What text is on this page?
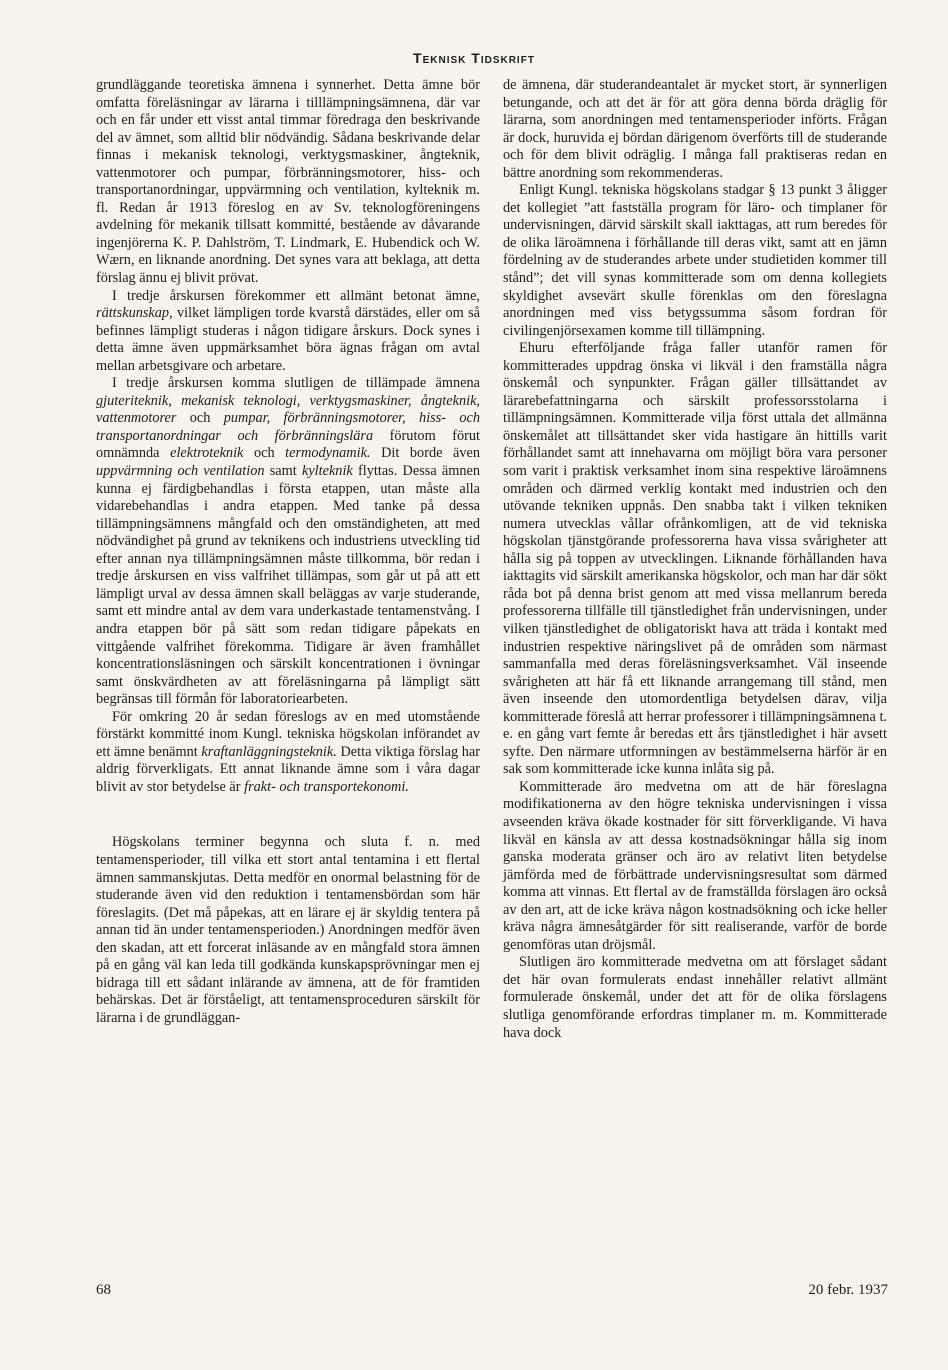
Teknisk Tidskrift

grundläggande teoretiska ämnena i synnerhet. Detta ämne bör omfatta föreläsningar av lärarna i tilllämpningsämnena, där var och en får under ett visst antal timmar föredraga den beskrivande del av ämnet, som alltid blir nödvändig. Sådana beskrivande delar finnas i mekanisk teknologi, verktygsmaskiner, ångteknik, vattenmotorer och pumpar, förbränningsmotorer, hiss- och transportanordningar, uppvärmning och ventilation, kylteknik m. fl. Redan år 1913 föreslog en av Sv. teknologföreningens avdelning för mekanik tillsatt kommitté, bestående av dåvarande ingenjörerna K. P. Dahlström, T. Lindmark, E. Hubendick och W. Wærn, en liknande anordning. Det synes vara att beklaga, att detta förslag ännu ej blivit prövat.

I tredje årskursen förekommer ett allmänt betonat ämne, rättskunskap, vilket lämpligen torde kvarstå därstädes, eller om så befinnes lämpligt studeras i någon tidigare årskurs. Dock synes i detta ämne även uppmärksamhet böra ägnas frågan om avtal mellan arbetsgivare och arbetare.

I tredje årskursen komma slutligen de tillämpade ämnena gjuteriteknik, mekanisk teknologi, verktygsmaskiner, ångteknik, vattenmotorer och pumpar, förbränningsmotorer, hiss- och transportanordningar och förbränningslära förutom förut omnämnda elektroteknik och termodynamik. Dit borde även uppvärmning och ventilation samt kylteknik flyttas. Dessa ämnen kunna ej färdigbehandlas i första etappen, utan måste alla vidarebehandlas i andra etappen. Med tanke på dessa tillämpningsämnens mångfald och den omständigheten, att med nödvändighet på grund av teknikens och industriens utveckling tid efter annan nya tillämpningsämnen måste tillkomma, bör redan i tredje årskursen en viss valfrihet tillämpas, som går ut på att ett lämpligt urval av dessa ämnen skall beläggas av varje studerande, samt ett mindre antal av dem vara underkastade tentamenstvång. I andra etappen bör på sätt som redan tidigare påpekats en vittgående valfrihet förekomma. Tidigare är även framhållet koncentrationsläsningen och särskilt koncentrationen i övningar samt önskvärdheten av att föreläsningarna på lämpligt sätt begränsas till förmån för laboratoriearbeten.

För omkring 20 år sedan föreslogs av en med utomstående förstärkt kommitté inom Kungl. tekniska högskolan införandet av ett ämne benämnt kraftanläggningsteknik. Detta viktiga förslag har aldrig förverkligats. Ett annat liknande ämne som i våra dagar blivit av stor betydelse är frakt- och transportekonomi.

Högskolans terminer begynna och sluta f. n. med tentamensperioder, till vilka ett stort antal tentamina i ett flertal ämnen sammanskjutas. Detta medför en onormal belastning för de studerande även vid den reduktion i tentamensbördan som här föreslagits. (Det må påpekas, att en lärare ej är skyldig tentera på annan tid än under tentamensperioden.) Anordningen medför även den skadan, att ett forcerat inläsande av en mångfald stora ämnen på en gång väl kan leda till godkända kunskapsprövningar men ej bidraga till ett sådant inlärande av ämnena, att de för framtiden behärskas. Det är förståeligt, att tentamensproceduren särskilt för lärarna i de grundläggan-

de ämnena, där studerandeantalet är mycket stort, är synnerligen betungande, och att det är för att göra denna börda dräglig för lärarna, som anordningen med tentamensperioder införts. Frågan är dock, huruvida ej bördan därigenom överförts till de studerande och för dem blivit odräglig. I många fall praktiseras redan en bättre anordning som rekommenderas.

Enligt Kungl. tekniska högskolans stadgar § 13 punkt 3 åligger det kollegiet ”att fastställa program för läro- och timplaner för undervisningen, därvid särskilt skall iakttagas, att rum beredes för de olika läroämnena i förhållande till deras vikt, samt att en jämn fördelning av de studerandes arbete under studietiden kommer till stånd”; det vill synas kommitterade som om denna kollegiets skyldighet avsevärt skulle förenklas om den föreslagna anordningen med viss betygssumma såsom fordran för civilingenjörsexamen komme till tillämpning.

Ehuru efterföljande fråga faller utanför ramen för kommitterades uppdrag önska vi likväl i den framställa några önskemål och synpunkter. Frågan gäller tillsättandet av lärarebefattningarna och särskilt professorsstolarna i tillämpningsämnen. Kommitterade vilja först uttala det allmänna önskemålet att tillsättandet sker vida hastigare än hittills varit förhållandet samt att innehavarna om möjligt böra vara personer som varit i praktisk verksamhet inom sina respektive läroämnens områden och därmed verklig kontakt med industrien och den utövande tekniken uppnås. Den snabba takt i vilken tekniken numera utvecklas vållar ofrånkomligen, att de vid tekniska högskolan tjänstgörande professorerna hava vissa svårigheter att hålla sig på toppen av utvecklingen. Liknande förhållanden hava iakttagits vid särskilt amerikanska högskolor, och man har där sökt råda bot på denna brist genom att med vissa mellanrum bereda professorerna tillfälle till tjänstledighet från undervisningen, under vilken tjänstledighet de obligatoriskt hava att träda i kontakt med industrien respektive näringslivet på de områden som närmast sammanfalla med deras föreläsningsverksamhet. Väl inseende svårigheten att här få ett liknande arrangemang till stånd, men även inseende den utomordentliga betydelsen därav, vilja kommitterade föreslå att herrar professorer i tillämpningsämnena t. e. en gång vart femte år beredas ett års tjänstledighet i här avsett syfte. Den närmare utformningen av bestämmelserna härför är en sak som kommitterade icke kunna inlåta sig på.

Kommitterade äro medvetna om att de här föreslagna modifikationerna av den högre tekniska undervisningen i vissa avseenden kräva ökade kostnader för sitt förverkligande. Vi hava likväl en känsla av att dessa kostnadsökningar hålla sig inom ganska moderata gränser och äro av relativt liten betydelse jämförda med de förbättrade undervisningsresultat som därmed komma att vinnas. Ett flertal av de framställda förslagen äro också av den art, att de icke kräva någon kostnadsökning och icke heller kräva några ämnesåtgärder för sitt realiserande, varför de borde genomföras utan dröjsmål.

Slutligen äro kommitterade medvetna om att förslaget sådant det här ovan formulerats endast innehåller relativt allmänt formulerade önskemål, under det att för de olika förslagens slutliga genomförande erfordras timplaner m. m. Kommitterade hava dock

68	20 febr. 1937
